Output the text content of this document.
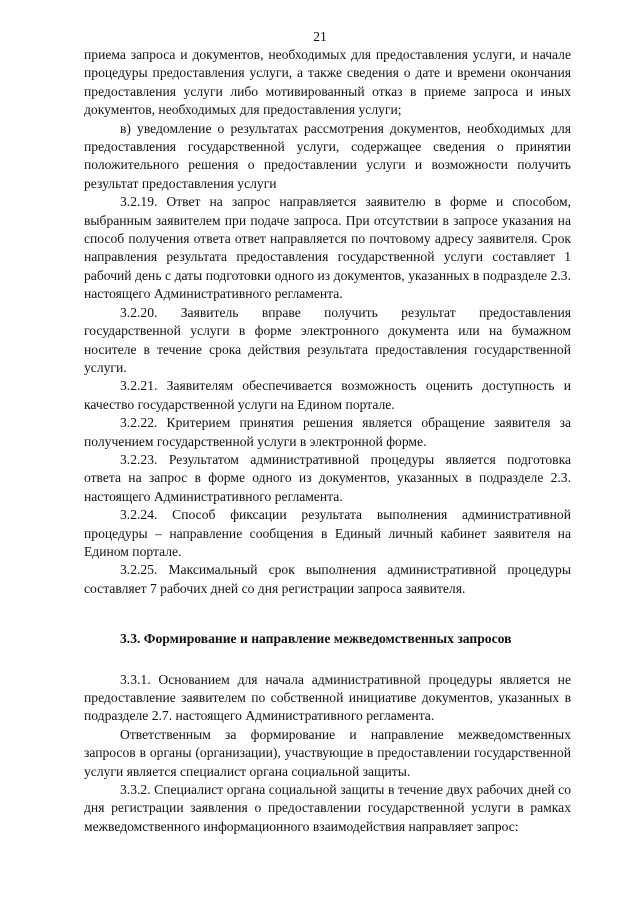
21

приема запроса и документов, необходимых для предоставления услуги, и начале процедуры предоставления услуги, а также сведения о дате и времени окончания предоставления услуги либо мотивированный отказ в приеме запроса и иных документов, необходимых для предоставления услуги;

в) уведомление о результатах рассмотрения документов, необходимых для предоставления государственной услуги, содержащее сведения о принятии положительного решения о предоставлении услуги и возможности получить результат предоставления услуги

3.2.19. Ответ на запрос направляется заявителю в форме и способом, выбранным заявителем при подаче запроса. При отсутствии в запросе указания на способ получения ответа ответ направляется по почтовому адресу заявителя. Срок направления результата предоставления государственной услуги составляет 1 рабочий день с даты подготовки одного из документов, указанных в подразделе 2.3. настоящего Административного регламента.

3.2.20. Заявитель вправе получить результат предоставления государственной услуги в форме электронного документа или на бумажном носителе в течение срока действия результата предоставления государственной услуги.

3.2.21. Заявителям обеспечивается возможность оценить доступность и качество государственной услуги на Едином портале.

3.2.22. Критерием принятия решения является обращение заявителя за получением государственной услуги в электронной форме.

3.2.23. Результатом административной процедуры является подготовка ответа на запрос в форме одного из документов, указанных в подразделе 2.3. настоящего Административного регламента.

3.2.24. Способ фиксации результата выполнения административной процедуры – направление сообщения в Единый личный кабинет заявителя на Едином портале.

3.2.25. Максимальный срок выполнения административной процедуры составляет 7 рабочих дней со дня регистрации запроса заявителя.

3.3. Формирование и направление межведомственных запросов

3.3.1. Основанием для начала административной процедуры является не предоставление заявителем по собственной инициативе документов, указанных в подразделе 2.7. настоящего Административного регламента.

Ответственным за формирование и направление межведомственных запросов в органы (организации), участвующие в предоставлении государственной услуги является специалист органа социальной защиты.

3.3.2. Специалист органа социальной защиты в течение двух рабочих дней со дня регистрации заявления о предоставлении государственной услуги в рамках межведомственного информационного взаимодействия направляет запрос:
